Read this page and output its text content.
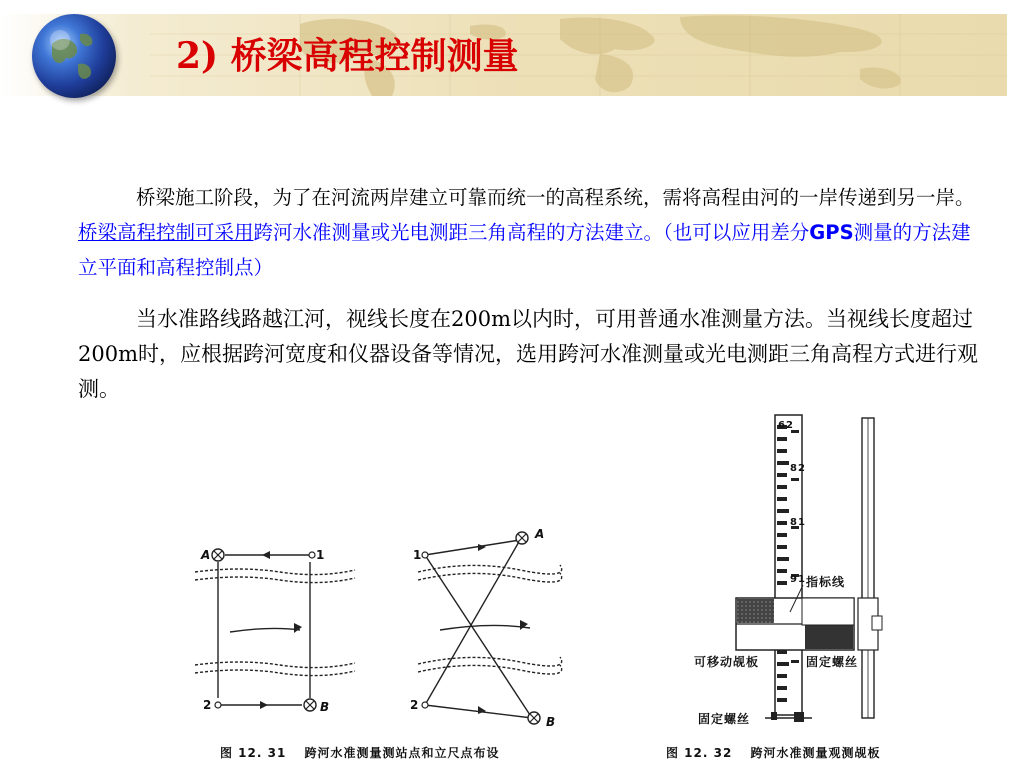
2) 桥梁高程控制测量
桥梁施工阶段，为了在河流两岸建立可靠而统一的高程系统，需将高程由河的一岸传递到另一岸。桥梁高程控制可采用跨河水准测量或光电测距三角高程的方法建立。（也可以应用差分GPS测量的方法建立平面和高程控制点）
当水准路线路越江河，视线长度在200m以内时，可用普通水准测量方法。当视线长度超过200m时，应根据跨河宽度和仪器设备等情况，选用跨河水准测量或光电测距三角高程方式进行观测。
A	1
2	B
1
A
2
B
图 12. 31　 跨河水准测量测站点和立尺点布设
62
82
81
91 指标线
可移动觇板	固定螺丝
固定螺丝
图 12. 32　 跨河水准测量观测觇板
